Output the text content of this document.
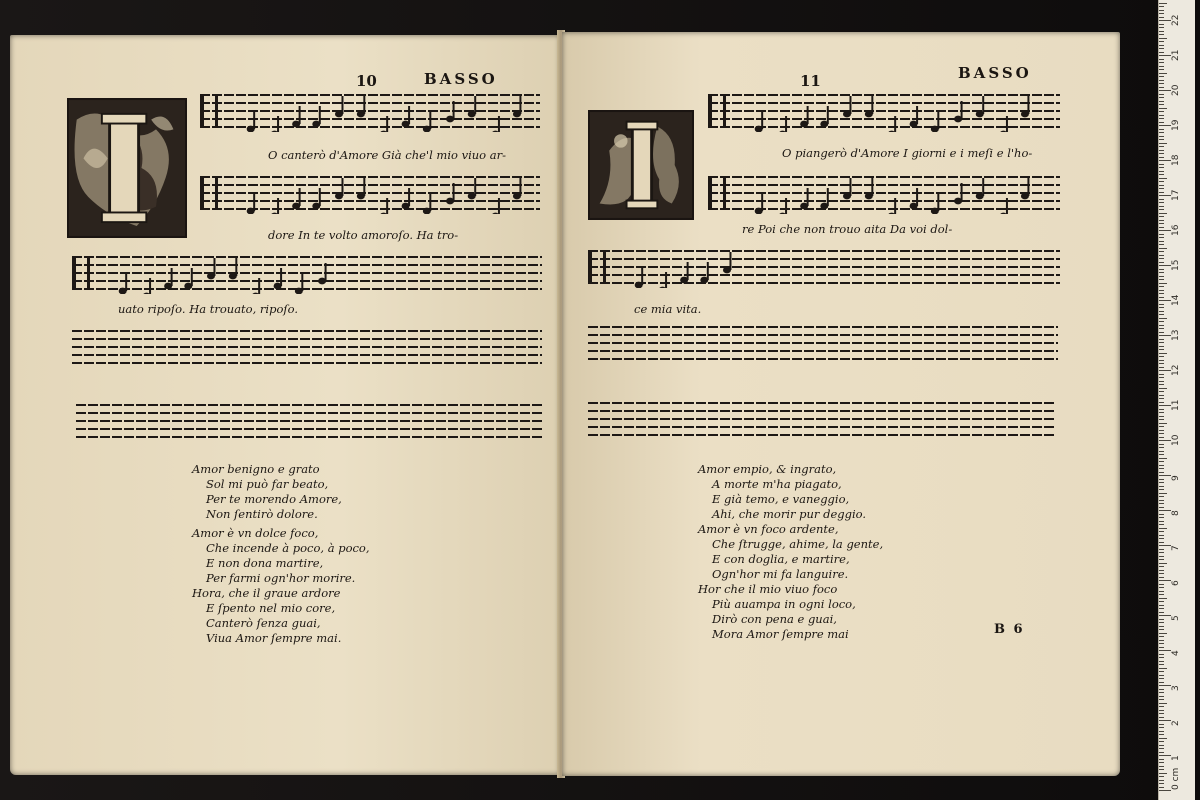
10	BASSO
O canterò d'Amore Già che'l mio viuo ar-
dore In te volto amoroſo. Ha tro-
uato ripoſo. Ha trouato, ripoſo.
Amor benigno e grato
Sol mi può far beato,
Per te morendo Amore,
Non ſentirò dolore.
Amor è vn dolce foco,
Che incende à poco, à poco,
E non dona martire,
Per farmi ogn'hor morire.
Hora, che il graue ardore
E ſpento nel mio core,
Canterò ſenza guai,
Viua Amor ſempre mai.
11	BASSO
O piangerò d'Amore I giorni e i meſi e l'ho-
re Poi che non trouo aita Da voi dol-
ce mia vita.
Amor empio, & ingrato,
A morte m'ha piagato,
E già temo, e vaneggio,
Ahi, che morir pur deggio.
Amor è vn foco ardente,
Che ſtrugge, ahime, la gente,
E con doglia, e martire,
Ogn'hor mi fa languire.
Hor che il mio viuo foco
Più auampa in ogni loco,
Dirò con pena e guai,
Mora Amor ſempre mai	B 6
0 cm
1
2
3
4
5
6
7
8
9
10
11
12
13
14
15
16
17
18
19
20
21
22
